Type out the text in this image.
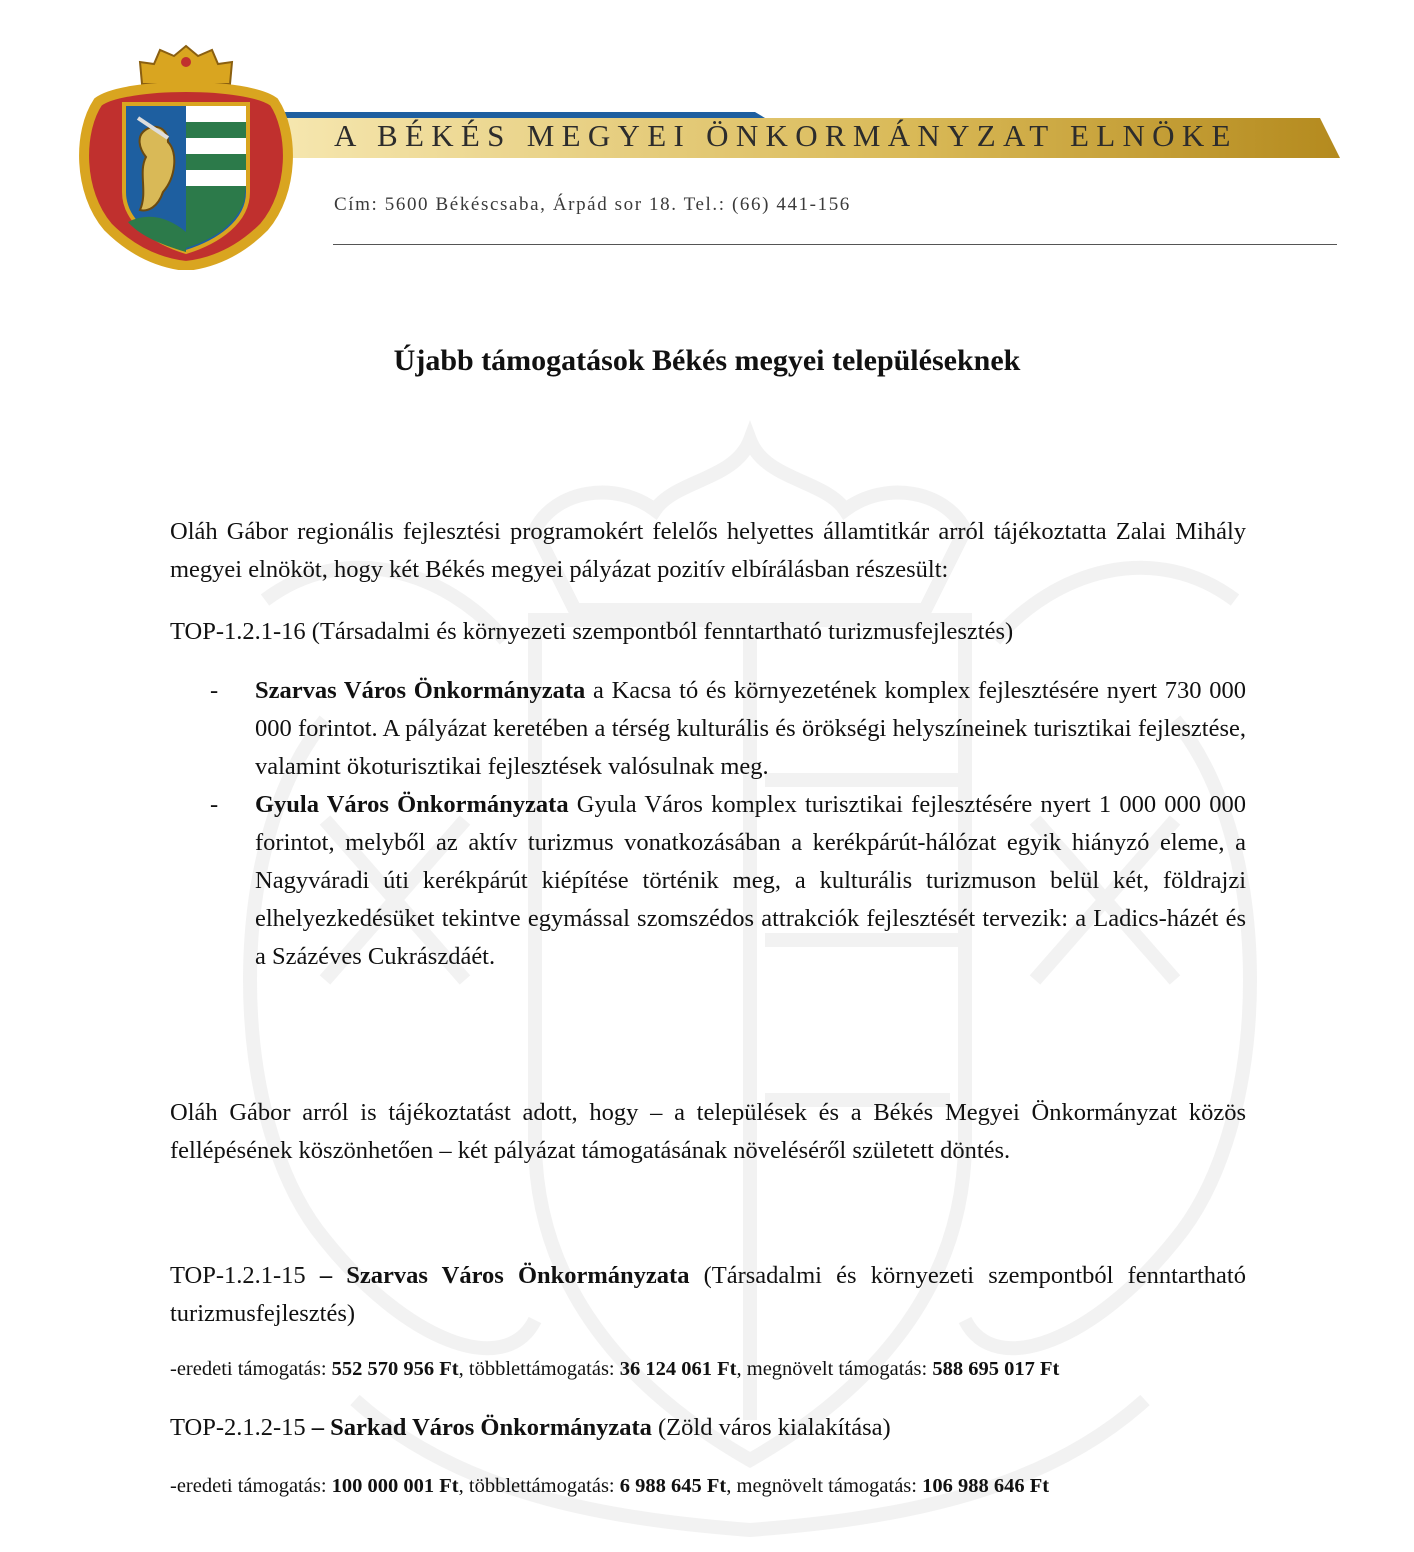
A BÉKÉS MEGYEI ÖNKORMÁNYZAT ELNÖKE
Cím: 5600 Békéscsaba, Árpád sor 18. Tel.: (66) 441-156
Újabb támogatások Békés megyei településeknek

Oláh Gábor regionális fejlesztési programokért felelős helyettes államtitkár arról tájékoztatta Zalai Mihály megyei elnököt, hogy két Békés megyei pályázat pozitív elbírálásban részesült:

TOP-1.2.1-16 (Társadalmi és környezeti szempontból fenntartható turizmusfejlesztés)

- Szarvas Város Önkormányzata a Kacsa tó és környezetének komplex fejlesztésére nyert 730 000 000 forintot. A pályázat keretében a térség kulturális és örökségi helyszíneinek turisztikai fejlesztése, valamint ökoturisztikai fejlesztések valósulnak meg.
- Gyula Város Önkormányzata Gyula Város komplex turisztikai fejlesztésére nyert 1 000 000 000 forintot, melyből az aktív turizmus vonatkozásában a kerékpárút-hálózat egyik hiányzó eleme, a Nagyváradi úti kerékpárút kiépítése történik meg, a kulturális turizmuson belül két, földrajzi elhelyezkedésüket tekintve egymással szomszédos attrakciók fejlesztését tervezik: a Ladics-házét és a Százéves Cukrászdáét.

Oláh Gábor arról is tájékoztatást adott, hogy – a települések és a Békés Megyei Önkormányzat közös fellépésének köszönhetően – két pályázat támogatásának növeléséről született döntés.

TOP-1.2.1-15 – Szarvas Város Önkormányzata (Társadalmi és környezeti szempontból fenntartható turizmusfejlesztés)

-eredeti támogatás: 552 570 956 Ft, többlettámogatás: 36 124 061 Ft, megnövelt támogatás: 588 695 017 Ft

TOP-2.1.2-15 – Sarkad Város Önkormányzata (Zöld város kialakítása)

-eredeti támogatás: 100 000 001 Ft, többlettámogatás: 6 988 645 Ft, megnövelt támogatás: 106 988 646 Ft
